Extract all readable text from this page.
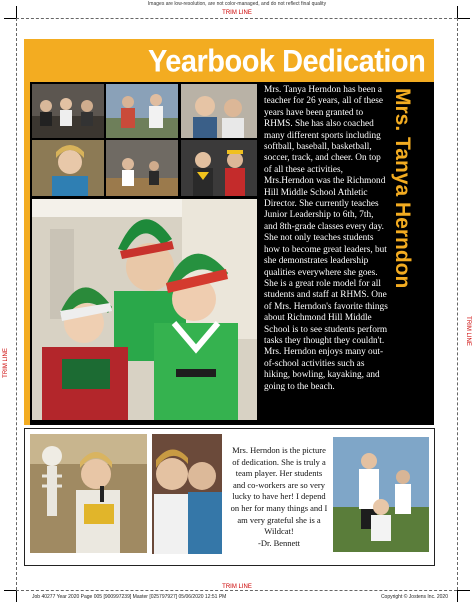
Images are low-resolution, are not color-managed, and do not reflect final quality
TRIM LINE
TRIM LINE
TRIM LINE
TRIM LINE
Yearbook Dedication
Mrs. Tanya Herndon
Mrs. Tanya Herndon has been a teacher for 26 years, all of these years have been granted to RHMS. She has also coached many different sports including softball, baseball, basketball, soccer, track, and cheer. On top of all these activities, Mrs.Herndon was the Richmond Hill Middle School Athletic Director. She currently teaches Junior Leadership to 6th, 7th, and 8th-grade classes every day. She not only teaches students how to become great leaders, but she demonstrates leadership qualities everywhere she goes. She is a great role model for all students and staff at RHMS. One of Mrs. Herndon's favorite things about Richmond Hill Middle School is to see students perform tasks they thought they couldn't. Mrs. Herndon enjoys many out-of-school activities such as hiking, bowling, kayaking, and going to the beach.
Mrs. Herndon is the picture of dedication. She is truly a team player. Her students and co-workers are so very lucky to have her! I depend on her for many things and I am very grateful she is a Wildcat!
-Dr. Bennett
Job 40277 Year 2020 Page 005 [900997239] Master [025797927] 05/06/2020 12:51 PM	Copyright © Jostens Inc. 2020
